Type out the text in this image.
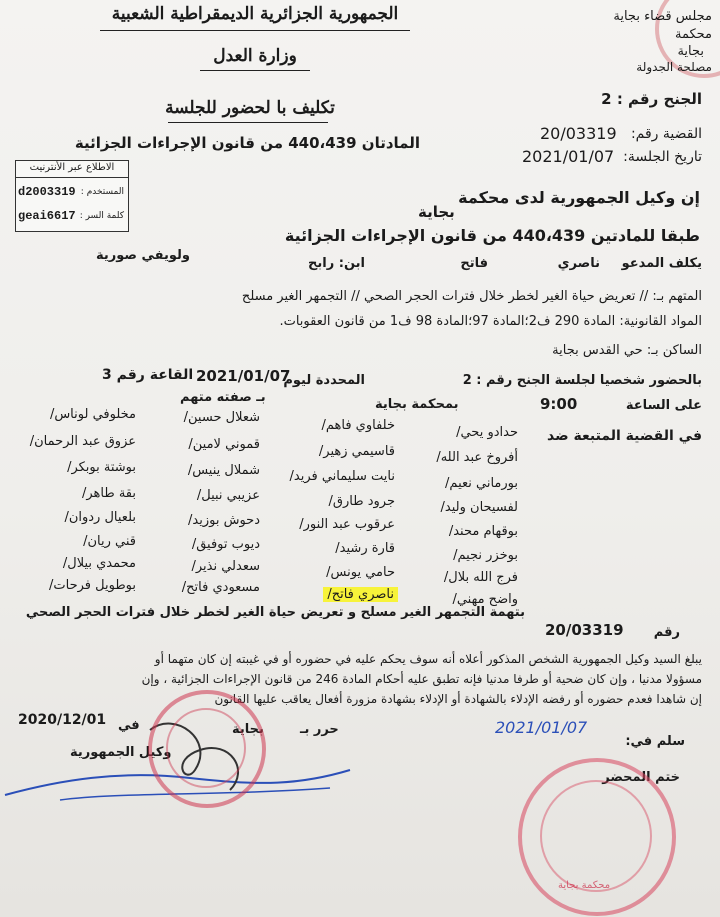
الجمهورية الجزائرية الديمقراطية الشعبية
وزارة العدل
مجلس قضاء بجاية
محكمة
بجاية
مصلحة الجدولة
الجنح رقم : 2
تكليف با لحضور للجلسة
المادتان 440،439 من قانون الإجراءات الجزائية	القضية رقم:
20/03319
تاريخ الجلسة:
2021/01/07
الاطلاع عبر الأنترنيت
المستخدم :
d2003319
كلمة السر :
geai6617
إن وكيل الجمهورية لدى محكمة
بجاية
طبقا للمادتين 440،439 من قانون الإجراءات الجزائية
يكلف المدعو
ناصري
فاتح
ابن: رابح
ولويفي صورية
المتهم بـ: // تعريض حياة الغير لخطر خلال فترات الحجر الصحي // التجمهر الغير مسلح
المواد القانونية: المادة 290 ف2؛المادة 97؛المادة 98 ف1 من قانون العقوبات.
الساكن بـ: حي القدس بجاية
بالحضور شخصيا لجلسة الجنح رقم : 2
المحددة ليوم
2021/01/07
القاعة رقم 3
بـ صفته متهم
على الساعة
9:00
بمحكمة بجاية
في القضية المتبعة ضد
حدادو يحي/
أفروخ عبد الله/
بورماني نعيم/
لفسيحان وليد/
بوقهام محند/
بوخزر نجيم/
فرج الله بلال/
واضح مهني/
خلفاوي فاهم/
قاسيمي زهير/
نايت سليماني فريد/
جرود طارق/
عرقوب عبد النور/
قارة رشيد/
حامي يونس/
ناصري فاتح/
شعلال حسين/
قموني لامين/
شملال ينيس/
عزيبي نبيل/
دحوش بوزيد/
ديوب توفيق/
سعدلي نذير/
مسعودي فاتح/
مخلوفي لوناس/
عزوق عبد الرحمان/
بوشتة بوبكر/
بقة طاهر/
بلعيال ردوان/
قني ريان/
محمدي بيلال/
بوطويل فرحات/
رقم
20/03319
بتهمة التجمهر الغير مسلح و تعريض حياة الغير لخطر خلال فترات الحجر الصحي
يبلغ السيد وكيل الجمهورية الشخص المذكور أعلاه أنه سوف يحكم عليه في حضوره أو في غيبته إن كان متهما أو
مسؤولا مدنيا ، وإن كان ضحية أو طرفا مدنيا فإنه تطبق عليه أحكام المادة 246 من قانون الإجراءات الجزائية ، وإن
إن شاهدا فعدم حضوره أو رفضه الإدلاء بالشهادة أو الإدلاء بشهادة مزورة أفعال يعاقب عليها القانون
حرر بـ
بجاية
في
2020/12/01
وكيل الجمهورية
سلم في:
2021/01/07
ختم المحضر
محكمة بجاية
